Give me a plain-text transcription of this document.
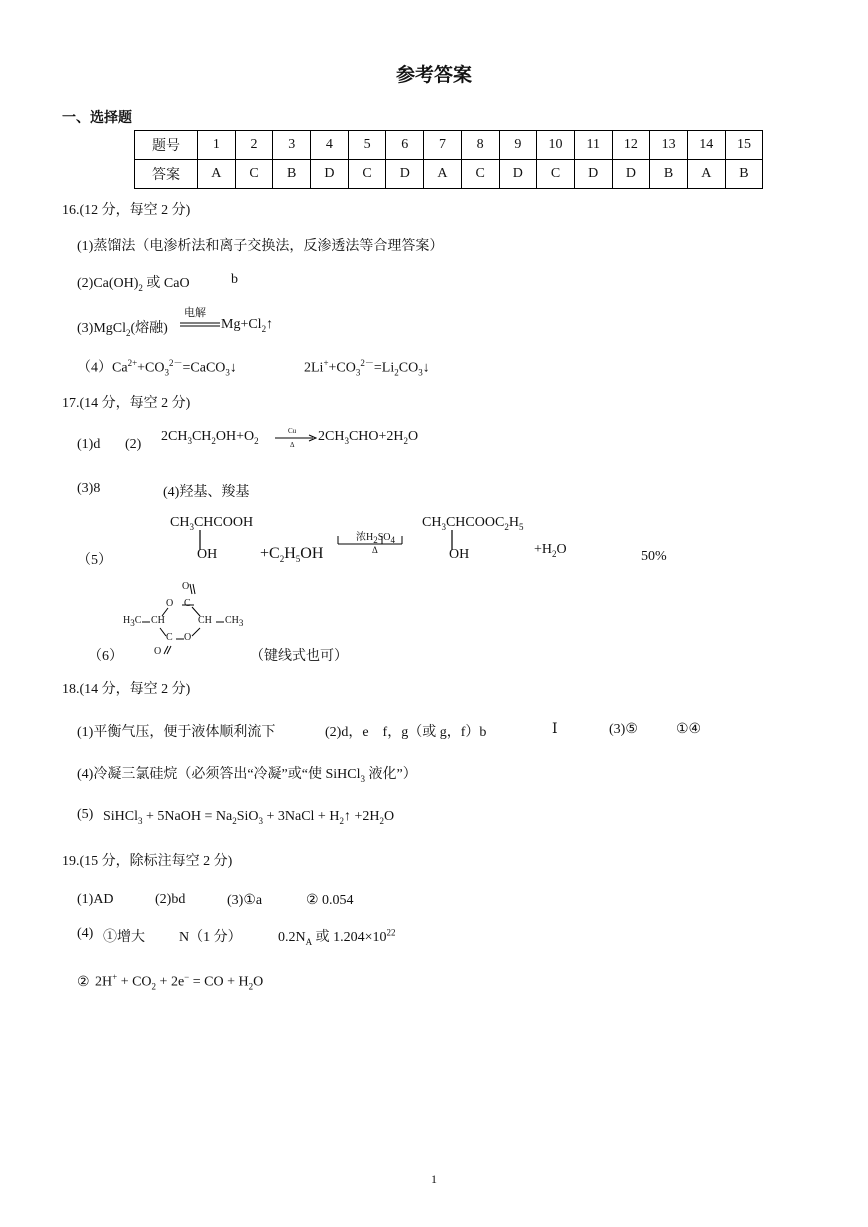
参考答案
一、选择题
题号	1	2	3	4	5	6	7	8	9	10	11	12	13	14	15
答案	A	C	B	D	C	D	A	C	D	C	D	D	B	A	B
16.(12 分，每空 2 分)
(1)蒸馏法（电渗析法和离子交换法，反渗透法等合理答案）
$(2)Ca(OH)_2$ 或 CaO	b
(3)MgCl$_2$(熔融)
电解
$Mg+Cl_2↑$
$(4)Ca^{2+}+CO_3^{2-}=CaCO_3↓$	$2Li^++CO_3^{2-}=Li_2CO_3↓$
17.(14 分，每空 2 分)
(1)d (2)
$2CH_3CH_2OH+O_2$
Cu
Δ
→ $2CH_3CHO+2H_2O$
(3)8	(4)羟基、羧基
$CH_3CHCOOH$
OH
（5）	$+C_2H_5OH$
浓$H_2SO_4$
Δ
$CH_3CHCOOC_2H_5$
OH	$+H_2O$	50%
O
O C
$H_3C$ CH	CH $CH_3$
C O
O
（6）	（键线式也可）
18.(14 分，每空 2 分)
(1)平衡气压，便于液体顺利流下	(2)d，e　f，g（或 g，f）b	Ⅰ	(3)⑤	①④
(4)冷凝三氯硅烷（必须答出“冷凝”或“使 SiHCl$_3$ 液化”）
(5) SiHCl$_3$ + 5NaOH = $Na_2SiO_3$ + 3NaCl + $H_2↑ +2H_2O$
19.(15 分，除标注每空 2 分)
(1)AD	(2)bd	(3)①a	② 0.054
(4) ①增大 N（1 分）	$0.2N_A$ 或 $1.204\times 10^{22}$
② $2H^+ + CO_2 + 2e^-$ = CO + $H_2O$
1
